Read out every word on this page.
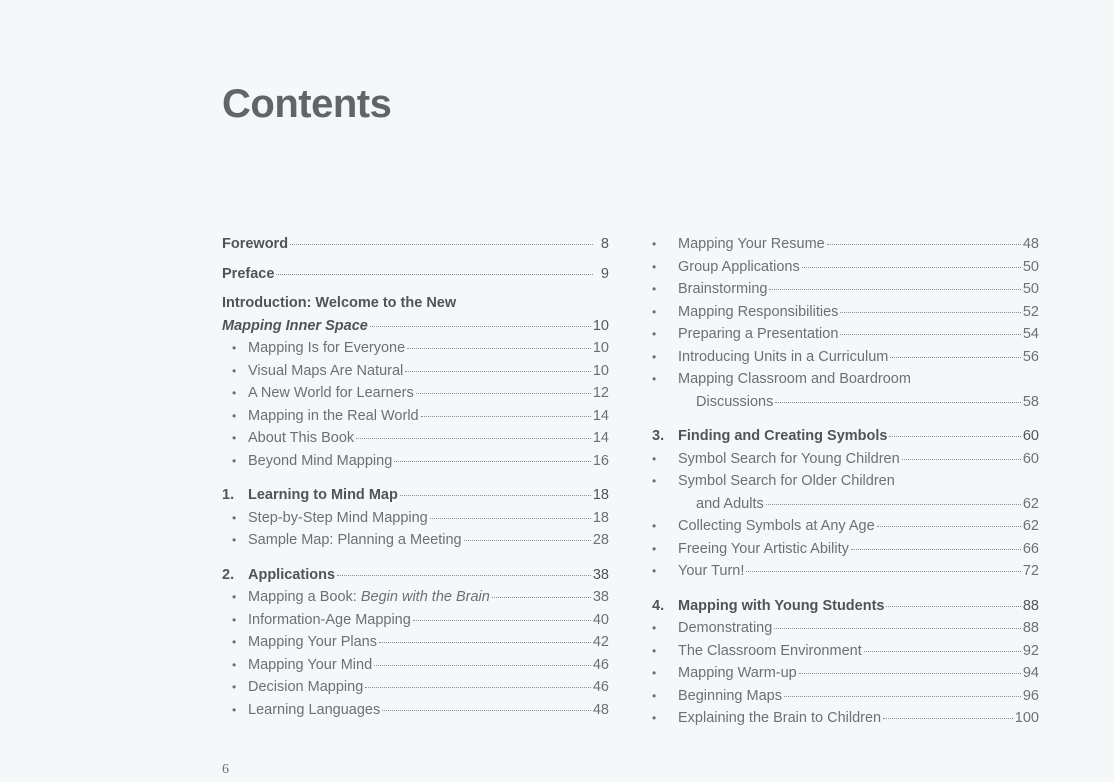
Contents
Foreword	8
Preface	9
Introduction: Welcome to the New
Mapping Inner Space	10
• Mapping Is for Everyone	10
• Visual Maps Are Natural	10
• A New World for Learners	12
• Mapping in the Real World	14
• About This Book	14
• Beyond Mind Mapping	16
1. Learning to Mind Map	18
• Step-by-Step Mind Mapping	18
• Sample Map: Planning a Meeting	28
2. Applications	38
• Mapping a Book: Begin with the Brain	38
• Information-Age Mapping	40
• Mapping Your Plans	42
• Mapping Your Mind	46
• Decision Mapping	46
• Learning Languages	48
• Mapping Your Resume	48
• Group Applications	50
• Brainstorming	50
• Mapping Responsibilities	52
• Preparing a Presentation	54
• Introducing Units in a Curriculum	56
• Mapping Classroom and Boardroom
Discussions	58
3. Finding and Creating Symbols	60
• Symbol Search for Young Children	60
• Symbol Search for Older Children
and Adults	62
• Collecting Symbols at Any Age	62
• Freeing Your Artistic Ability	66
• Your Turn!	72
4. Mapping with Young Students	88
• Demonstrating	88
• The Classroom Environment	92
• Mapping Warm-up	94
• Beginning Maps	96
• Explaining the Brain to Children	100
6
